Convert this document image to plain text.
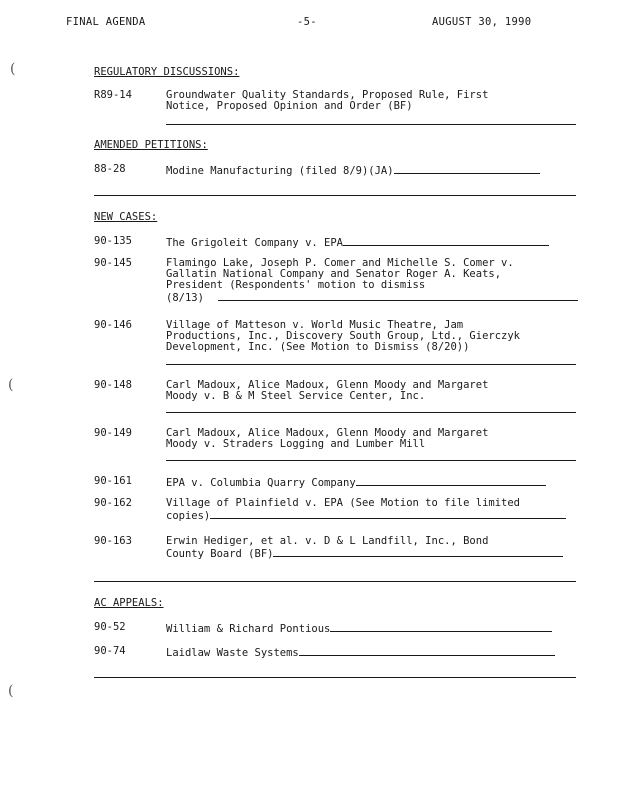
FINAL AGENDA	-5-	AUGUST 30, 1990
(
(
(
REGULATORY DISCUSSIONS:
R89-14	Groundwater Quality Standards, Proposed Rule, First
Notice, Proposed Opinion and Order (BF)
AMENDED PETITIONS:
88-28	Modine Manufacturing (filed 8/9)(JA)
NEW CASES:
90-135	The Grigoleit Company v. EPA
90-145	Flamingo Lake, Joseph P. Comer and Michelle S. Comer v.
Gallatin National Company and Senator Roger A. Keats,
President (Respondents' motion to dismiss
(8/13)
90-146	Village of Matteson v. World Music Theatre, Jam
Productions, Inc., Discovery South Group, Ltd., Gierczyk
Development, Inc. (See Motion to Dismiss (8/20))
90-148	Carl Madoux, Alice Madoux, Glenn Moody and Margaret
Moody v. B & M Steel Service Center, Inc.
90-149	Carl Madoux, Alice Madoux, Glenn Moody and Margaret
Moody v. Straders Logging and Lumber Mill
90-161	EPA v. Columbia Quarry Company
90-162	Village of Plainfield v. EPA (See Motion to file limited
copies)
90-163	Erwin Hediger, et al. v. D & L Landfill, Inc., Bond
County Board (BF)
AC APPEALS:
90-52	William & Richard Pontious
90-74	Laidlaw Waste Systems
